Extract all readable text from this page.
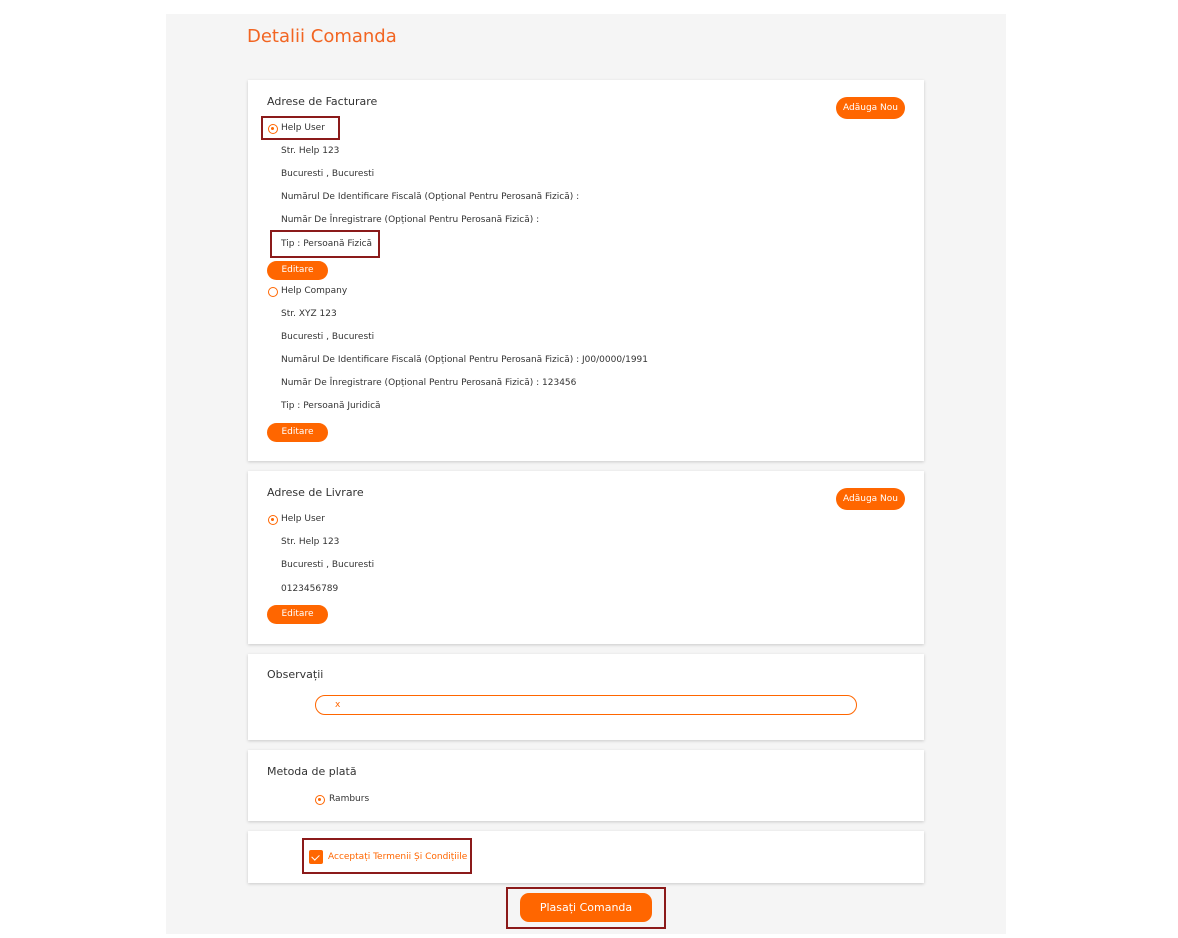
Detalii Comanda
Adrese de Facturare	Adăuga Nou
Help User
Str. Help 123
Bucuresti , Bucuresti
Numărul De Identificare Fiscală (Opțional Pentru Perosană Fizică) :
Număr De Înregistrare (Opțional Pentru Perosană Fizică) :
Tip : Persoană Fizică
Editare
Help Company
Str. XYZ 123
Bucuresti , Bucuresti
Numărul De Identificare Fiscală (Opțional Pentru Perosană Fizică) : J00/0000/1991
Număr De Înregistrare (Opțional Pentru Perosană Fizică) : 123456
Tip : Persoană Juridică
Editare
Adrese de Livrare	Adăuga Nou
Help User
Str. Help 123
Bucuresti , Bucuresti
0123456789
Editare
Observații
x
Metoda de plată
Ramburs
Acceptați Termenii Și Condițiile
Plasați Comanda
